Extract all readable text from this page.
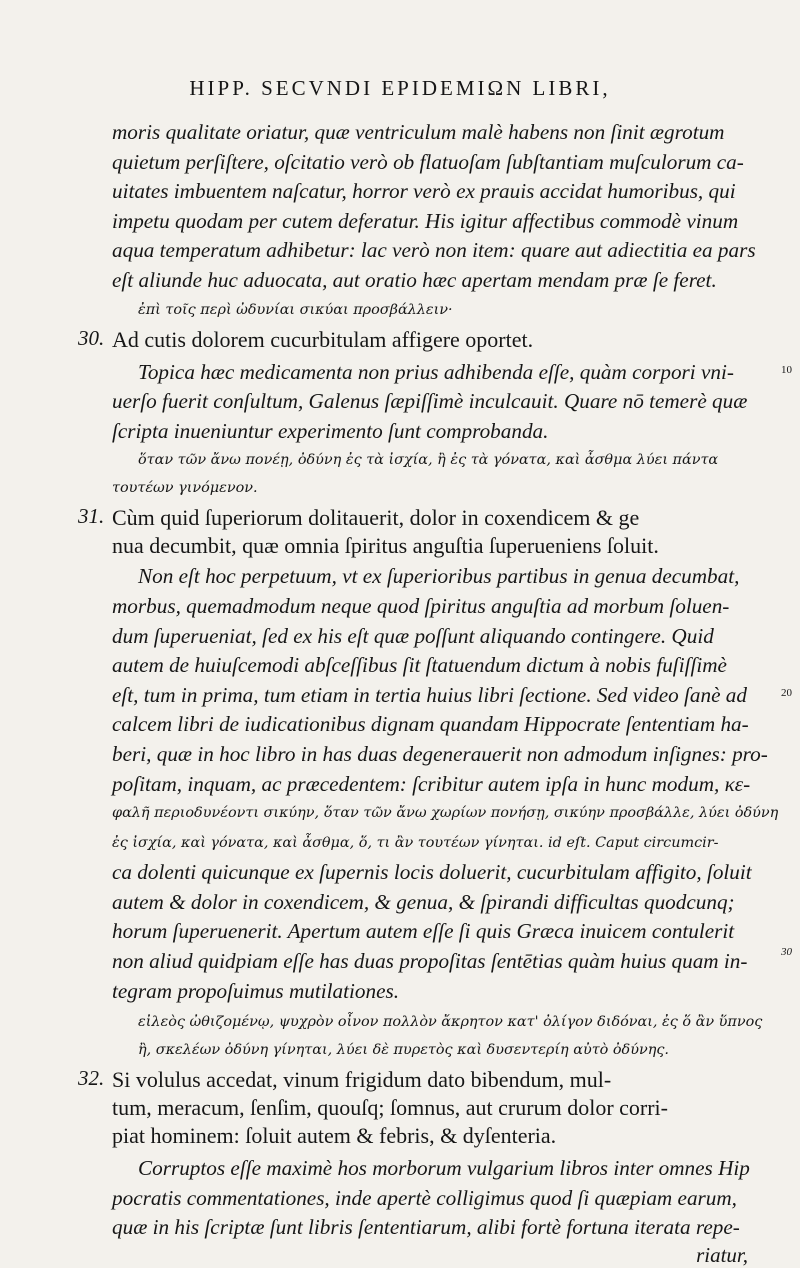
HIPP. SECVNDI EPIDEMIΩN LIBRI,

moris qualitate oriatur, quæ ventriculum malè habens non ſinit ægrotum
quietum perſiſtere, oſcitatio verò ob flatuoſam ſubſtantiam muſculorum ca-
uitates imbuentem naſcatur, horror verò ex prauis accidat humoribus, qui
impetu quodam per cutem deferatur. His igitur affectibus commodè vinum
aqua temperatum adhibetur: lac verò non item: quare aut adiectitia ea pars
eſt aliunde huc aduocata, aut oratio hæc apertam mendam præ ſe feret.

ἐπὶ τοῖς περὶ ὠδυνίαι σικύαι προσβάλλειν·

30. Ad cutis dolorem cucurbitulam affigere oportet.

10

Topica hæc medicamenta non prius adhibenda eſſe, quàm corpori vni-

uerſo fuerit conſultum, Galenus ſæpiſſimè inculcauit. Quare nō temerè quæ
ſcripta inueniuntur experimento ſunt comprobanda.

ὅταν τῶν ἄνω πονέῃ, ὀδύνη ἐς τὰ ἰσχία, ἢ ἐς τὰ γόνατα, καὶ ἆσθμα λύει πάντα

τουτέων γινόμενον.

31. Cùm quid ſuperiorum dolitauerit, dolor in coxendicem & ge
nua decumbit, quæ omnia ſpiritus anguſtia ſuperueniens ſoluit.

20

Non eſt hoc perpetuum, vt ex ſuperioribus partibus in genua decumbat,
morbus, quemadmodum neque quod ſpiritus anguſtia ad morbum ſoluen-
dum ſuperueniat, ſed ex his eſt quæ poſſunt aliquando contingere. Quid
autem de huiuſcemodi abſceſſibus ſit ſtatuendum dictum à nobis fuſiſſimè
eſt, tum in prima, tum etiam in tertia huius libri ſectione. Sed video ſanè ad
calcem libri de iudicationibus dignam quandam Hippocrate ſententiam ha-
beri, quæ in hoc libro in has duas degenerauerit non admodum inſignes: pro-
poſitam, inquam, ac præcedentem: ſcribitur autem ipſa in hunc modum, κε-

φαλῆ περιοδυνέοντι σικύην, ὅταν τῶν ἄνω χωρίων πονήσῃ, σικύην προσβάλλε, λύει ὀδύνη
ἐς ἰσχία, καὶ γόνατα, καὶ ἆσθμα, ὅ, τι ἂν τουτέων γίνηται. id eſt. Caput circumcir-

30
ca dolenti quicunque ex ſupernis locis doluerit, cucurbitulam affigito, ſoluit
autem & dolor in coxendicem, & genua, & ſpirandi difficultas quodcunq;
horum ſuperuenerit. Apertum autem eſſe ſi quis Græca inuicem contulerit
non aliud quidpiam eſſe has duas propoſitas ſentētias quàm huius quam in-
tegram propoſuimus mutilationes.

εἰλεὸς ὠθιζομένῳ, ψυχρὸν οἶνον πολλὸν ἄκρητον κατ' ὀλίγον διδόναι, ἐς ὅ ἂν ὕπνος
ἢ, σκελέων ὀδύνη γίνηται, λύει δὲ πυρετὸς καὶ δυσεντερίη αὐτὸ ὀδύνης.

32. Si volulus accedat, vinum frigidum dato bibendum, mul-
tum, meracum, ſenſim, quouſq; ſomnus, aut crurum dolor corri-
piat hominem: ſoluit autem & febris, & dyſenteria.

Corruptos eſſe maximè hos morborum vulgarium libros inter omnes Hip
pocratis commentationes, inde apertè colligimus quod ſi quæpiam earum,
quæ in his ſcriptæ ſunt libris ſententiarum, alibi fortè fortuna iterata repe-

riatur,
